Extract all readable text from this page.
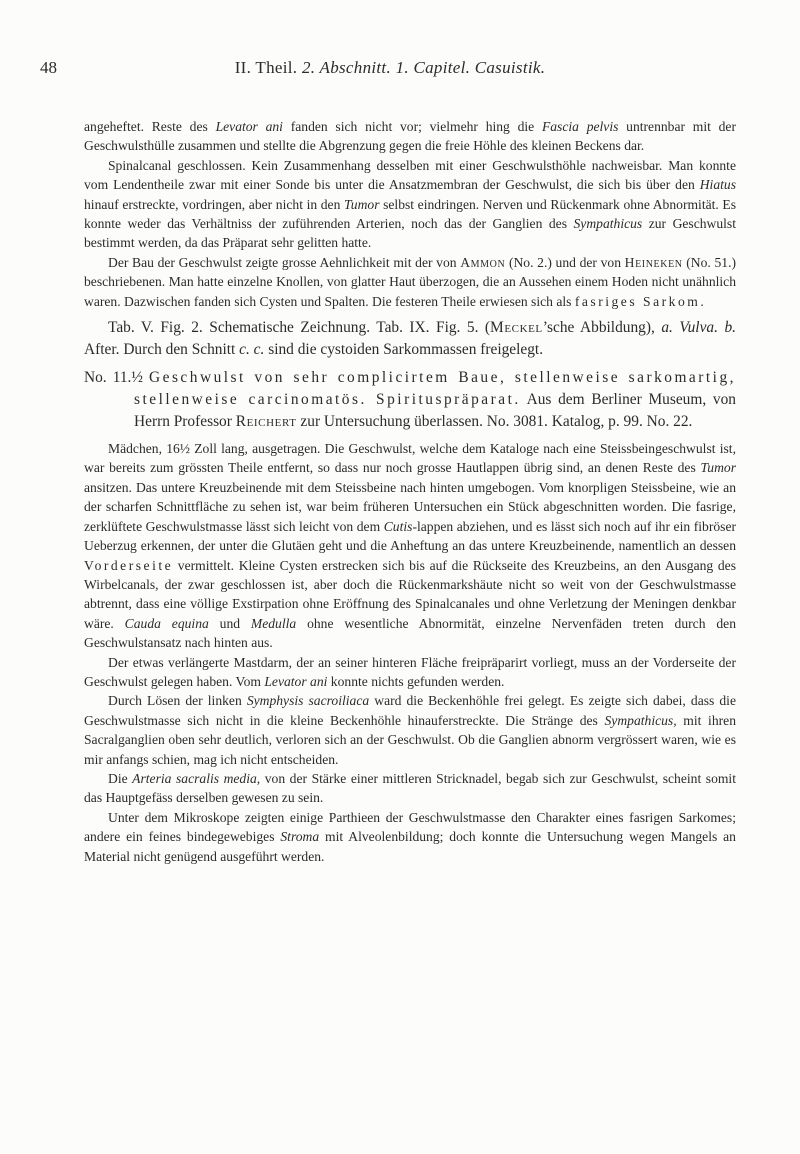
48	II. Theil. 2. Abschnitt. 1. Capitel. Casuistik.

angeheftet. Reste des Levator ani fanden sich nicht vor; vielmehr hing die Fascia pelvis untrennbar mit der Geschwulsthülle zusammen und stellte die Abgrenzung gegen die freie Höhle des kleinen Beckens dar.

Spinalcanal geschlossen. Kein Zusammenhang desselben mit einer Geschwulsthöhle nachweisbar. Man konnte vom Lendentheile zwar mit einer Sonde bis unter die Ansatzmembran der Geschwulst, die sich bis über den Hiatus hinauf erstreckte, vordringen, aber nicht in den Tumor selbst eindringen. Nerven und Rückenmark ohne Abnormität. Es konnte weder das Verhältniss der zuführenden Arterien, noch das der Ganglien des Sympathicus zur Geschwulst bestimmt werden, da das Präparat sehr gelitten hatte.

Der Bau der Geschwulst zeigte grosse Aehnlichkeit mit der von Ammon (No. 2.) und der von Heineken (No. 51.) beschriebenen. Man hatte einzelne Knollen, von glatter Haut überzogen, die an Aussehen einem Hoden nicht unähnlich waren. Dazwischen fanden sich Cysten und Spalten. Die festeren Theile erwiesen sich als fasriges Sarkom.

Tab. V. Fig. 2. Schematische Zeichnung. Tab. IX. Fig. 5. (Meckel’sche Abbildung), a. Vulva. b. After. Durch den Schnitt c. c. sind die cystoiden Sarkommassen freigelegt.

No. 11.½ Geschwulst von sehr complicirtem Baue, stellenweise sarkomartig, stellenweise carcinomatös. Spirituspräparat. Aus dem Berliner Museum, von Herrn Professor Reichert zur Untersuchung überlassen. No. 3081. Katalog, p. 99. No. 22.

Mädchen, 16½ Zoll lang, ausgetragen. Die Geschwulst, welche dem Kataloge nach eine Steissbeingeschwulst ist, war bereits zum grössten Theile entfernt, so dass nur noch grosse Hautlappen übrig sind, an denen Reste des Tumor ansitzen. Das untere Kreuzbeinende mit dem Steissbeine nach hinten umgebogen. Vom knorpligen Steissbeine, wie an der scharfen Schnittfläche zu sehen ist, war beim früheren Untersuchen ein Stück abgeschnitten worden. Die fasrige, zerklüftete Geschwulstmasse lässt sich leicht von dem Cutis-lappen abziehen, und es lässt sich noch auf ihr ein fibröser Ueberzug erkennen, der unter die Glutäen geht und die Anheftung an das untere Kreuzbeinende, namentlich an dessen Vorderseite vermittelt. Kleine Cysten erstrecken sich bis auf die Rückseite des Kreuzbeins, an den Ausgang des Wirbelcanals, der zwar geschlossen ist, aber doch die Rückenmarkshäute nicht so weit von der Geschwulstmasse abtrennt, dass eine völlige Exstirpation ohne Eröffnung des Spinalcanales und ohne Verletzung der Meningen denkbar wäre. Cauda equina und Medulla ohne wesentliche Abnormität, einzelne Nervenfäden treten durch den Geschwulstansatz nach hinten aus.

Der etwas verlängerte Mastdarm, der an seiner hinteren Fläche freipräparirt vorliegt, muss an der Vorderseite der Geschwulst gelegen haben. Vom Levator ani konnte nichts gefunden werden.

Durch Lösen der linken Symphysis sacroiliaca ward die Beckenhöhle frei gelegt. Es zeigte sich dabei, dass die Geschwulstmasse sich nicht in die kleine Beckenhöhle hinauferstreckte. Die Stränge des Sympathicus, mit ihren Sacralganglien oben sehr deutlich, verloren sich an der Geschwulst. Ob die Ganglien abnorm vergrössert waren, wie es mir anfangs schien, mag ich nicht entscheiden.

Die Arteria sacralis media, von der Stärke einer mittleren Stricknadel, begab sich zur Geschwulst, scheint somit das Hauptgefäss derselben gewesen zu sein.

Unter dem Mikroskope zeigten einige Parthieen der Geschwulstmasse den Charakter eines fasrigen Sarkomes; andere ein feines bindegewebiges Stroma mit Alveolenbildung; doch konnte die Untersuchung wegen Mangels an Material nicht genügend ausgeführt werden.
